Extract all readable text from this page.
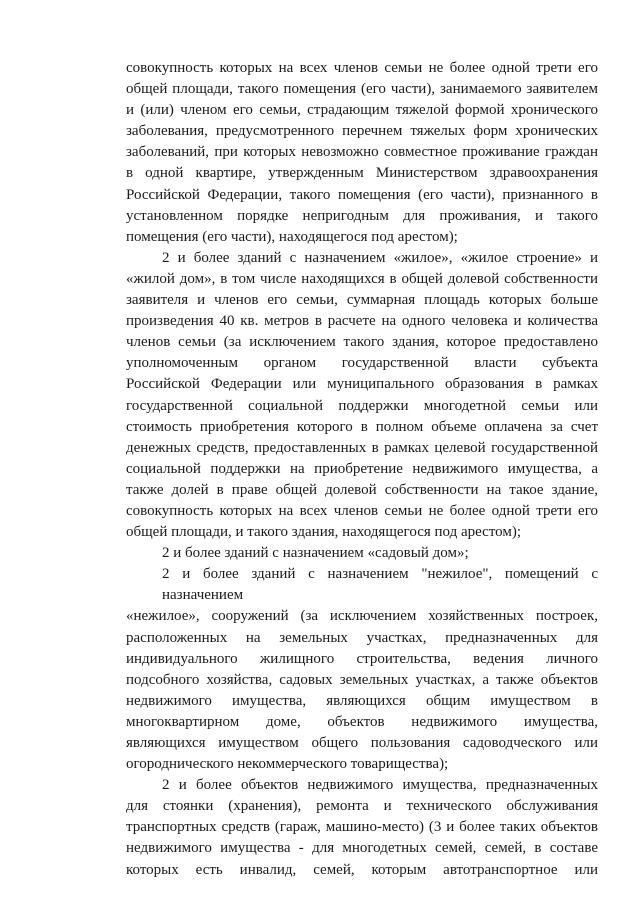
совокупность которых на всех членов семьи не более одной трети его
общей площади, такого помещения (его части), занимаемого заявителем
и (или) членом его семьи, страдающим тяжелой формой хронического
заболевания, предусмотренного перечнем тяжелых форм хронических
заболеваний, при которых невозможно совместное проживание граждан
в одной квартире, утвержденным Министерством здравоохранения
Российской Федерации, такого помещения (его части), признанного в
установленном порядке непригодным для проживания, и такого
помещения (его части), находящегося под арестом);
2 и более зданий с назначением «жилое», «жилое строение» и
«жилой дом», в том числе находящихся в общей долевой собственности
заявителя и членов его семьи, суммарная площадь которых больше
произведения 40 кв. метров в расчете на одного человека и количества
членов семьи (за исключением такого здания, которое предоставлено
уполномоченным органом государственной власти субъекта
Российской Федерации или муниципального образования в рамках
государственной социальной поддержки многодетной семьи или
стоимость приобретения которого в полном объеме оплачена за счет
денежных средств, предоставленных в рамках целевой государственной
социальной поддержки на приобретение недвижимого имущества, а
также долей в праве общей долевой собственности на такое здание,
совокупность которых на всех членов семьи не более одной трети его
общей площади, и такого здания, находящегося под арестом);
2 и более зданий с назначением «садовый дом»;
2 и более зданий с назначением "нежилое", помещений с
назначением
«нежилое», сооружений (за исключением хозяйственных построек,
расположенных на земельных участках, предназначенных для
индивидуального жилищного строительства, ведения личного
подсобного хозяйства, садовых земельных участках, а также объектов
недвижимого имущества, являющихся общим имуществом в
многоквартирном доме, объектов недвижимого имущества,
являющихся имуществом общего пользования садоводческого или
огороднического некоммерческого товарищества);
2 и более объектов недвижимого имущества, предназначенных
для стоянки (хранения), ремонта и технического обслуживания
транспортных средств (гараж, машино-место) (3 и более таких объектов
недвижимого имущества - для многодетных семей, семей, в составе
которых есть инвалид, семей, которым автотранспортное или
